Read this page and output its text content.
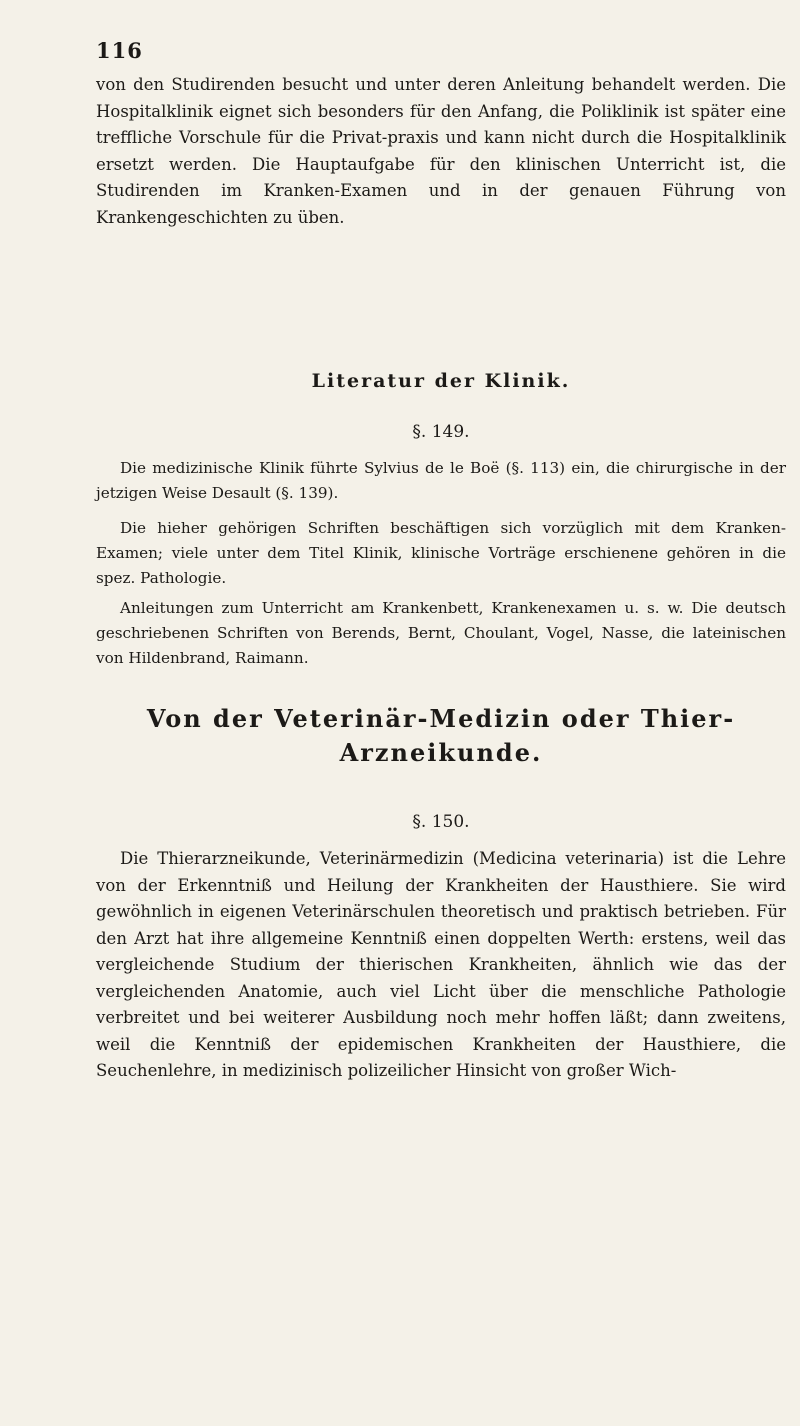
116

von den Studirenden besucht und unter deren Anleitung behandelt werden. Die Hospitalklinik eignet sich besonders für den Anfang, die Poliklinik ist später eine treffliche Vorschule für die Privat-praxis und kann nicht durch die Hospitalklinik ersetzt werden. Die Hauptaufgabe für den klinischen Unterricht ist, die Studirenden im Kranken-Examen und in der genauen Führung von Krankengeschichten zu üben.

Literatur der Klinik.
§. 149.

Die medizinische Klinik führte Sylvius de le Boë (§. 113) ein, die chirurgische in der jetzigen Weise Desault (§. 139).

Die hieher gehörigen Schriften beschäftigen sich vorzüglich mit dem Kranken-Examen; viele unter dem Titel Klinik, klinische Vorträge erschienene gehören in die spez. Pathologie.

Anleitungen zum Unterricht am Krankenbett, Krankenexamen u. s. w. Die deutsch geschriebenen Schriften von Berends, Bernt, Choulant, Vogel, Nasse, die lateinischen von Hildenbrand, Raimann.

Von der Veterinär-Medizin oder Thier-Arzneikunde.
§. 150.

Die Thierarzneikunde, Veterinärmedizin (Medicina veterinaria) ist die Lehre von der Erkenntniß und Heilung der Krankheiten der Hausthiere. Sie wird gewöhnlich in eigenen Veterinärschulen theoretisch und praktisch betrieben. Für den Arzt hat ihre allgemeine Kenntniß einen doppelten Werth: erstens, weil das vergleichende Studium der thierischen Krankheiten, ähnlich wie das der vergleichenden Anatomie, auch viel Licht über die menschliche Pathologie verbreitet und bei weiterer Ausbildung noch mehr hoffen läßt; dann zweitens, weil die Kenntniß der epidemischen Krankheiten der Hausthiere, die Seuchenlehre, in medizinisch polizeilicher Hinsicht von großer Wich-
